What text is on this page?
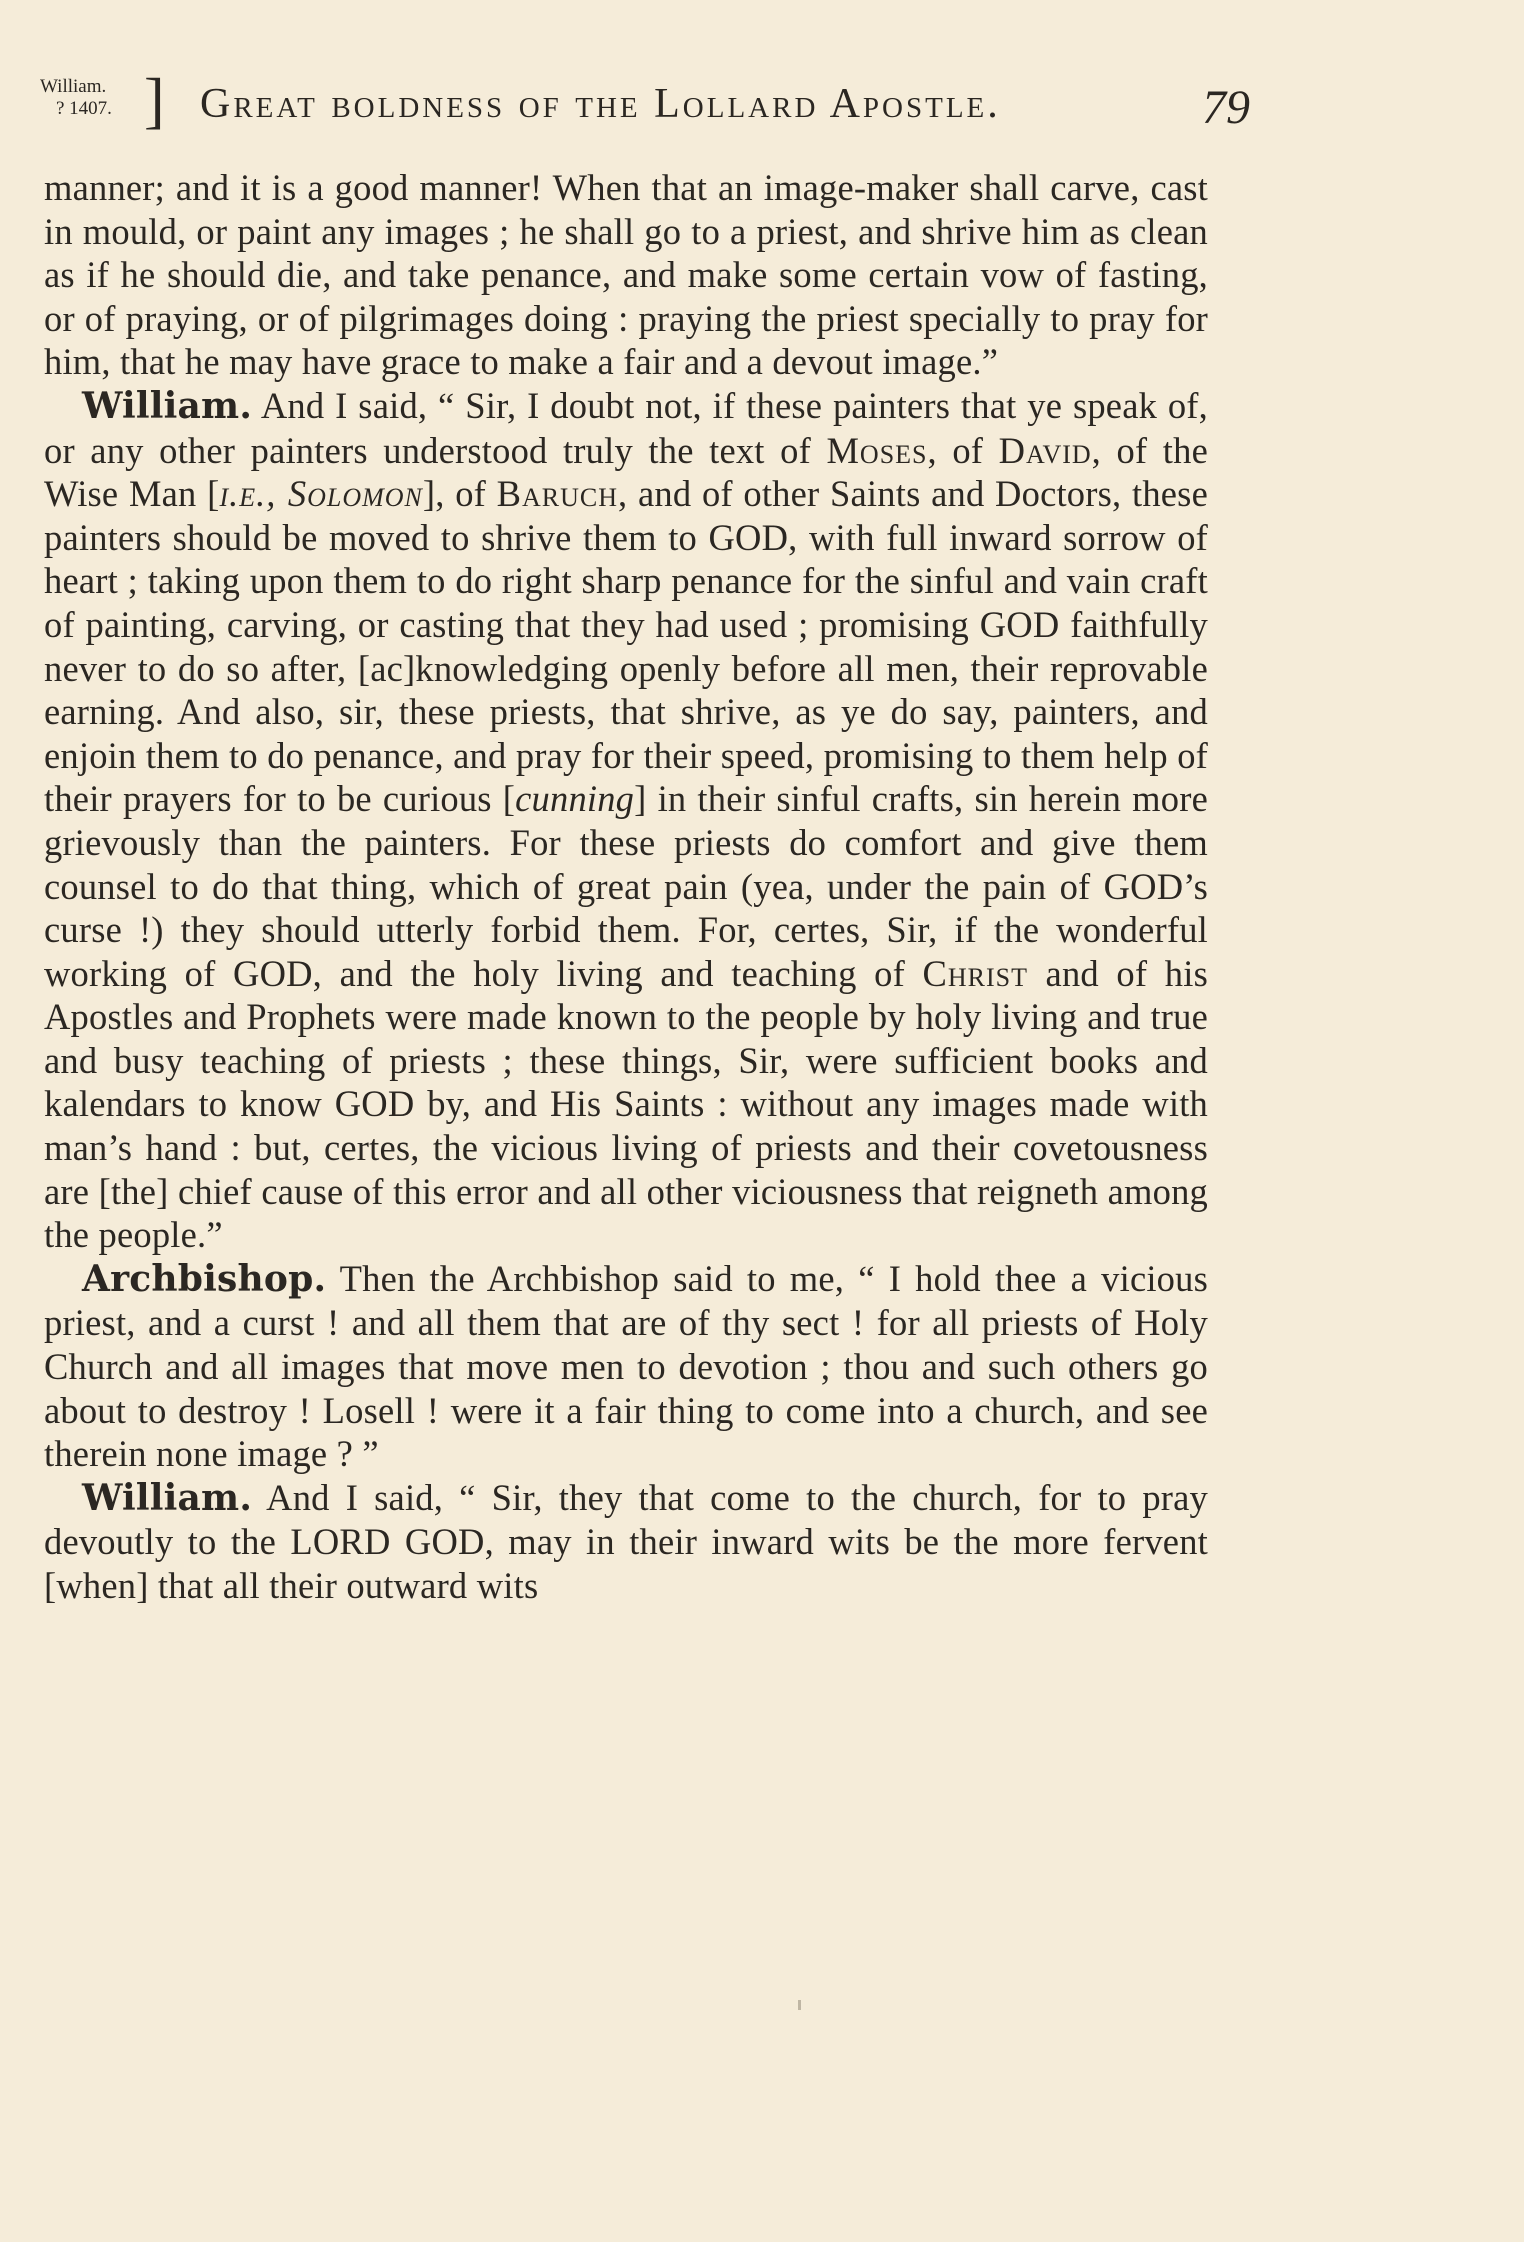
William.
? 1407. ] Great boldness of the Lollard Apostle.	79

manner; and it is a good manner! When that an image-maker shall carve, cast in mould, or paint any images ; he shall go to a priest, and shrive him as clean as if he should die, and take penance, and make some certain vow of fasting, or of praying, or of pilgrimages doing : praying the priest specially to pray for him, that he may have grace to make a fair and a devout image.”

William. And I said, “ Sir, I doubt not, if these painters that ye speak of, or any other painters understood truly the text of Moses, of David, of the Wise Man [i.e., Solomon], of Baruch, and of other Saints and Doctors, these painters should be moved to shrive them to GOD, with full inward sorrow of heart ; taking upon them to do right sharp penance for the sinful and vain craft of painting, carving, or casting that they had used ; promising GOD faithfully never to do so after, [ac]knowledging openly before all men, their reprovable earning. And also, sir, these priests, that shrive, as ye do say, painters, and enjoin them to do penance, and pray for their speed, promising to them help of their prayers for to be curious [cunning] in their sinful crafts, sin herein more grievously than the painters. For these priests do comfort and give them counsel to do that thing, which of great pain (yea, under the pain of GOD’s curse !) they should utterly forbid them. For, certes, Sir, if the wonderful working of GOD, and the holy living and teaching of Christ and of his Apostles and Prophets were made known to the people by holy living and true and busy teaching of priests ; these things, Sir, were sufficient books and kalendars to know GOD by, and His Saints : without any images made with man’s hand : but, certes, the vicious living of priests and their covetousness are [the] chief cause of this error and all other viciousness that reigneth among the people.”

Archbishop. Then the Archbishop said to me, “ I hold thee a vicious priest, and a curst ! and all them that are of thy sect ! for all priests of Holy Church and all images that move men to devotion ; thou and such others go about to destroy ! Losell ! were it a fair thing to come into a church, and see therein none image ? ”

William. And I said, “ Sir, they that come to the church, for to pray devoutly to the LORD GOD, may in their inward wits be the more fervent [when] that all their outward wits
